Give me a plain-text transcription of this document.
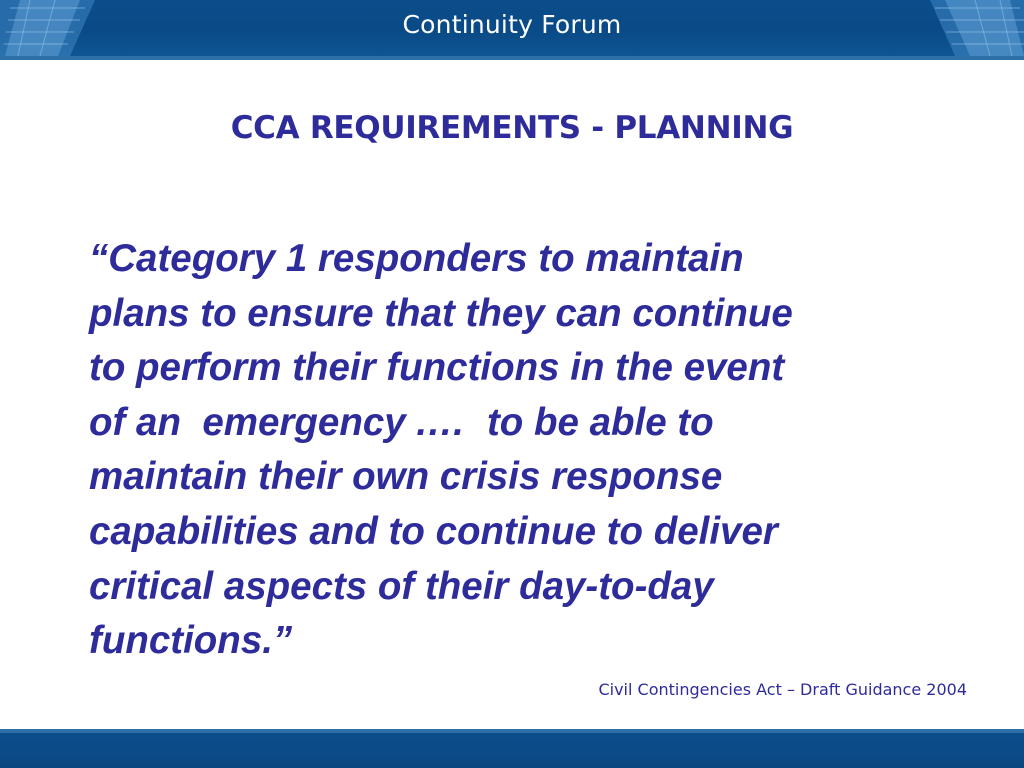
Continuity Forum
CCA REQUIREMENTS - PLANNING

“Category 1 responders to maintain
plans to ensure that they can continue
to perform their functions in the event
of an  emergency .…  to be able to
maintain their own crisis response
capabilities and to continue to deliver
critical aspects of their day-to-day
functions.”

Civil Contingencies Act – Draft Guidance 2004
